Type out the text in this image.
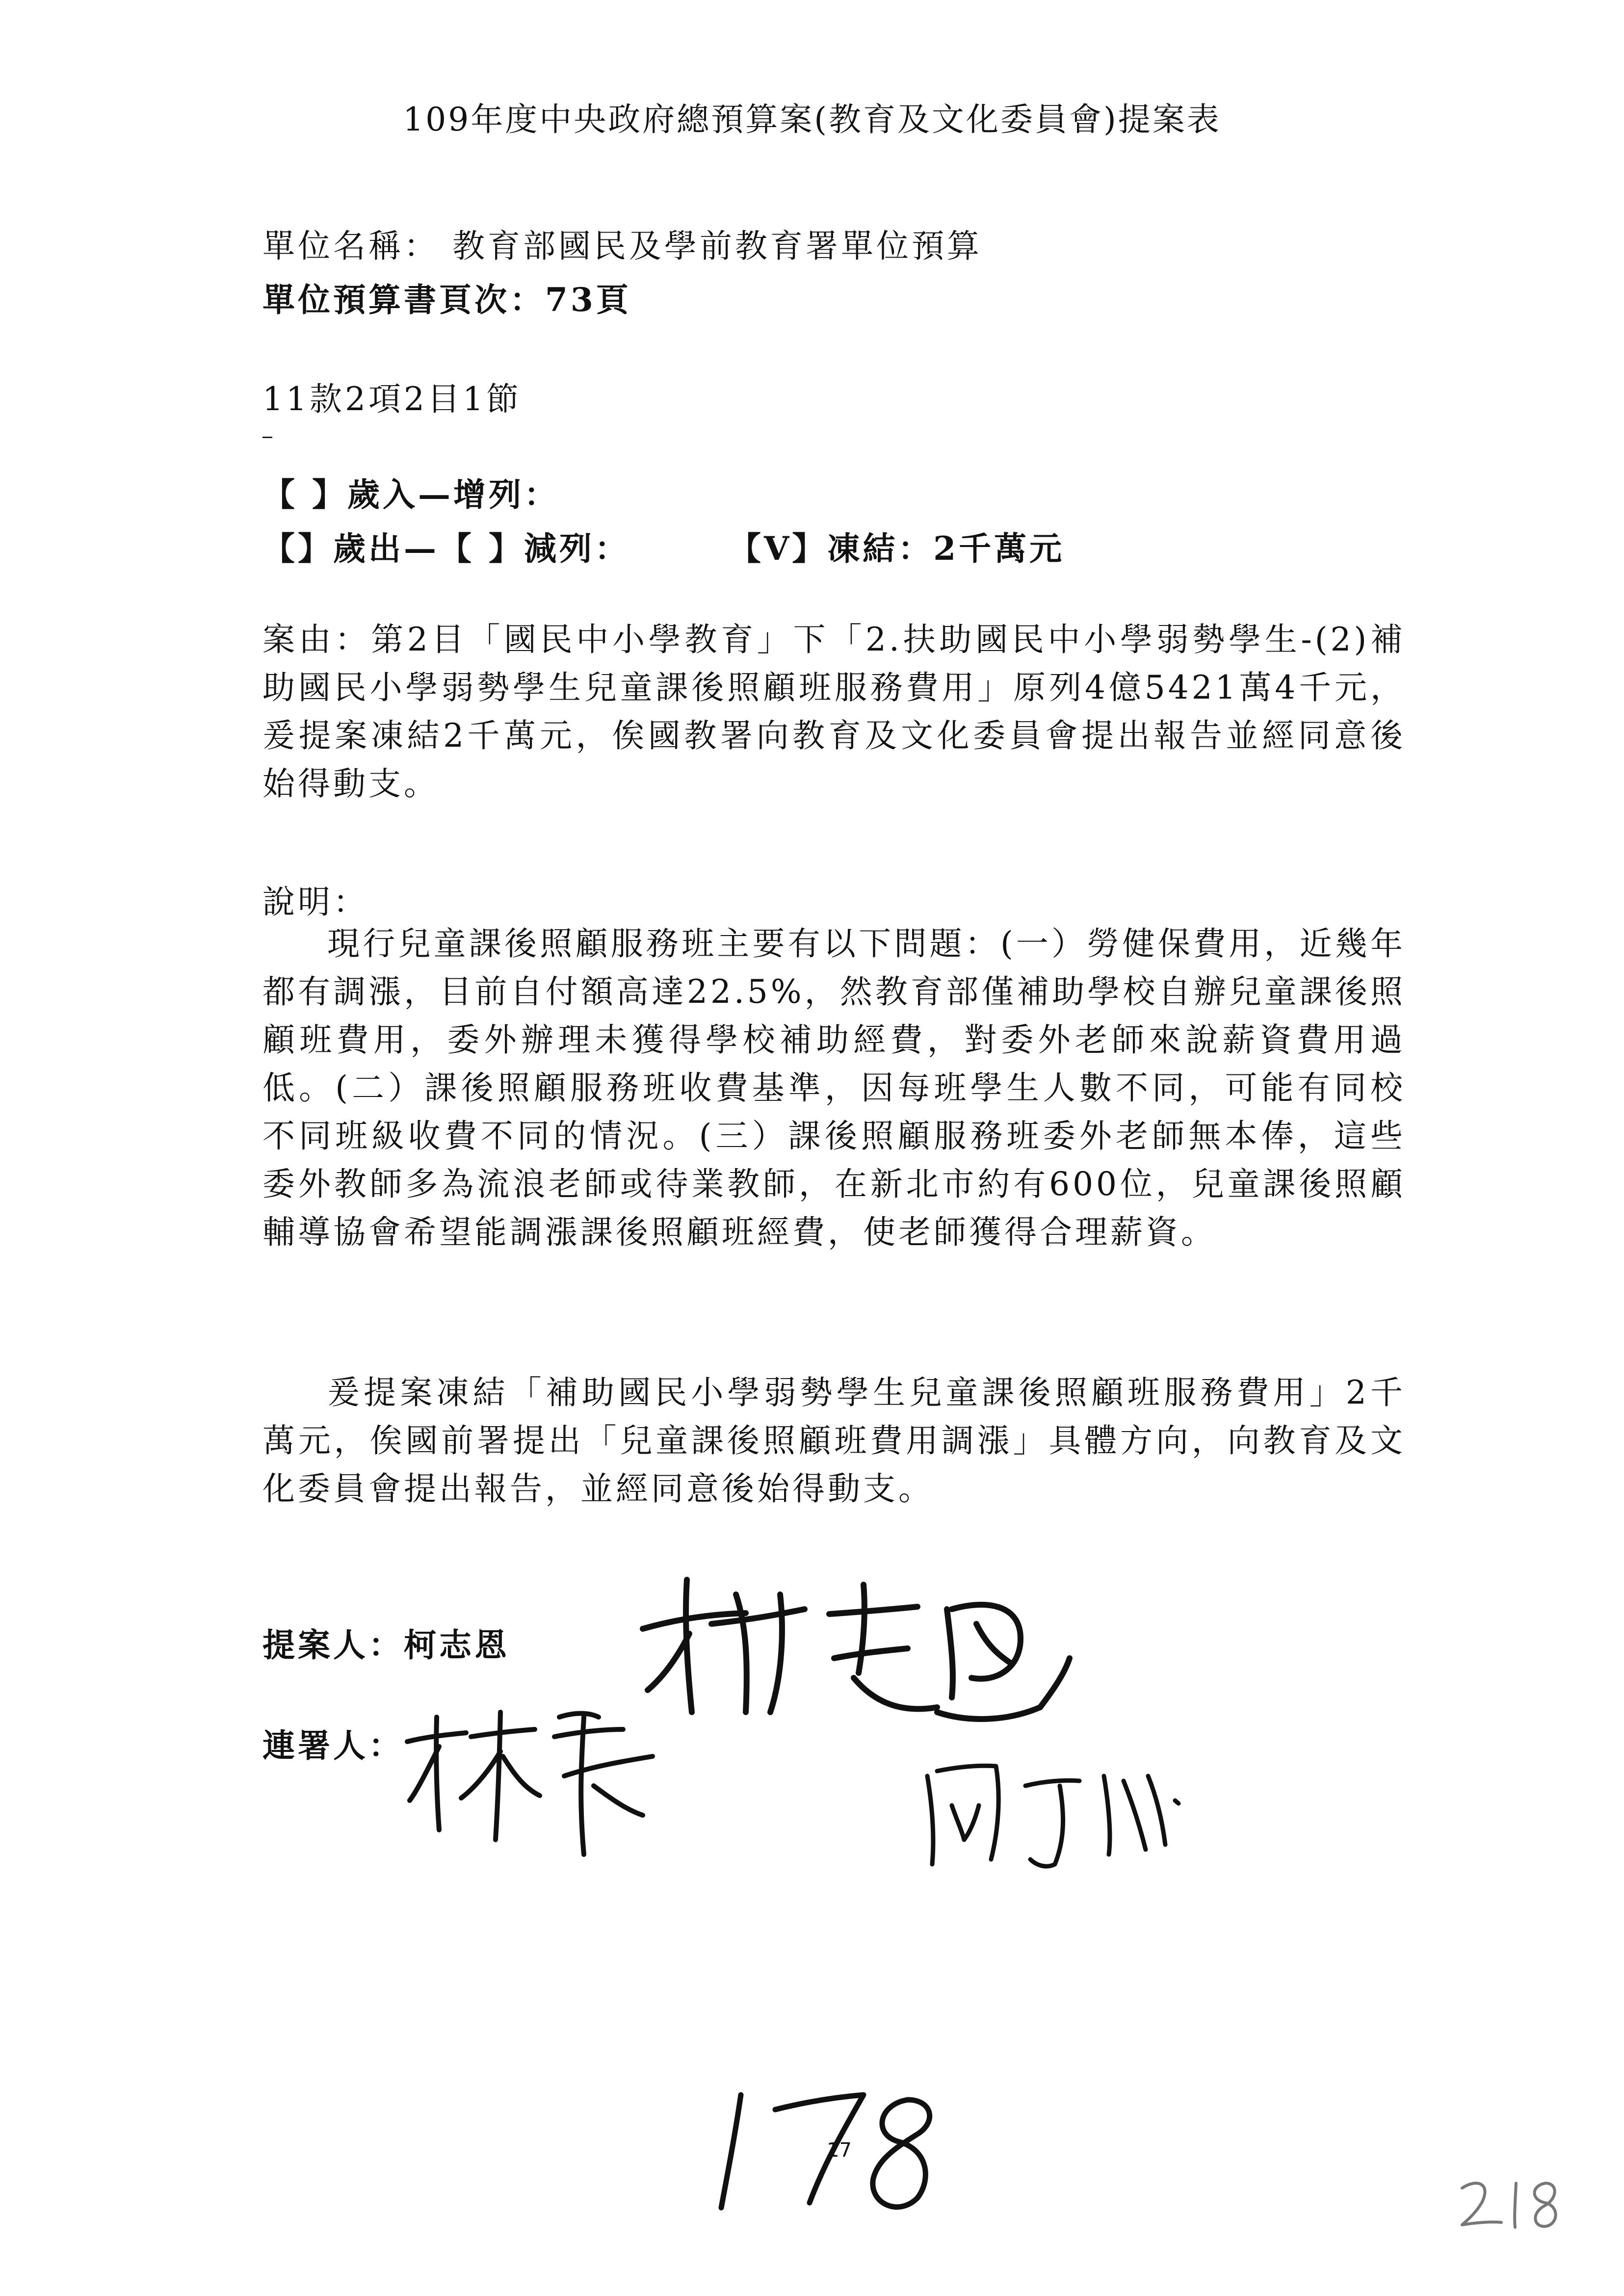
109年度中央政府總預算案(教育及文化委員會)提案表
單位名稱： 教育部國民及學前教育署單位預算
單位預算書頁次：73頁
11款2項2目1節
【 】歲入—增列：
【】歲出—【 】減列：	【V】凍結：2千萬元
案由：第2目「國民中小學教育」下「2.扶助國民中小學弱勢學生-(2)補助國民小學弱勢學生兒童課後照顧班服務費用」原列4億5421萬4千元，爰提案凍結2千萬元，俟國教署向教育及文化委員會提出報告並經同意後始得動支。
說明：
現行兒童課後照顧服務班主要有以下問題：(一）勞健保費用，近幾年都有調漲，目前自付額高達22.5%，然教育部僅補助學校自辦兒童課後照顧班費用，委外辦理未獲得學校補助經費，對委外老師來說薪資費用過低。(二）課後照顧服務班收費基準，因每班學生人數不同，可能有同校不同班級收費不同的情況。(三）課後照顧服務班委外老師無本俸，這些委外教師多為流浪老師或待業教師，在新北市約有600位，兒童課後照顧輔導協會希望能調漲課後照顧班經費，使老師獲得合理薪資。
爰提案凍結「補助國民小學弱勢學生兒童課後照顧班服務費用」2千萬元，俟國前署提出「兒童課後照顧班費用調漲」具體方向，向教育及文化委員會提出報告，並經同意後始得動支。
提案人：柯志恩
連署人：
17
